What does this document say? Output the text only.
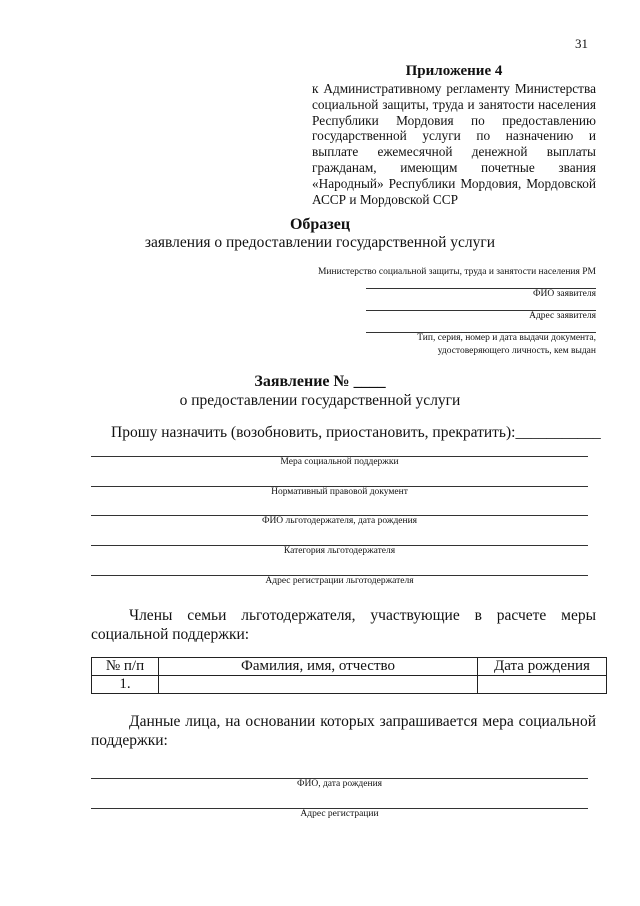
31
Приложение 4
к Административному регламенту Министерства социальной защиты, труда и занятости населения Республики Мордовия по предоставлению государственной услуги по назначению и выплате ежемесячной денежной выплаты гражданам, имеющим почетные звания «Народный» Республики Мордовия, Мордовской АССР и Мордовской ССР
Образец
заявления о предоставлении государственной услуги
Министерство социальной защиты, труда и занятости населения РМ
ФИО заявителя
Адрес заявителя
Тип, серия, номер и дата выдачи документа,
удостоверяющего личность, кем выдан
Заявление № ____
о предоставлении государственной услуги
Прошу назначить (возобновить, приостановить, прекратить):___________
Мера социальной поддержки
Нормативный правовой документ
ФИО льготодержателя, дата рождения
Категория льготодержателя
Адрес регистрации льготодержателя
Члены семьи льготодержателя, участвующие в расчете меры социальной поддержки:
№ п/п	Фамилия, имя, отчество	Дата рождения
1.		
Данные лица, на основании которых запрашивается мера социальной поддержки:
ФИО, дата рождения
Адрес регистрации
